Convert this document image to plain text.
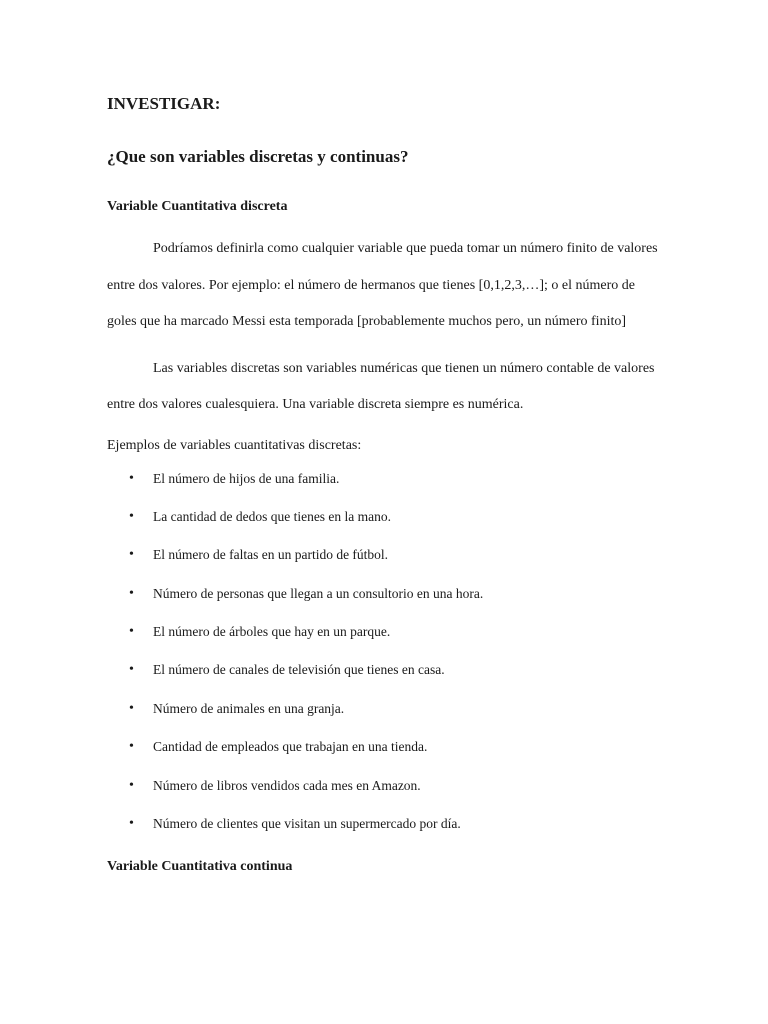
INVESTIGAR:
¿Que son variables discretas y continuas?
Variable Cuantitativa discreta
Podríamos definirla como cualquier variable que pueda tomar un número finito de valores entre dos valores. Por ejemplo: el número de hermanos que tienes [0,1,2,3,…]; o el número de goles que ha marcado Messi esta temporada [probablemente muchos pero, un número finito]
Las variables discretas son variables numéricas que tienen un número contable de valores entre dos valores cualesquiera. Una variable discreta siempre es numérica.
Ejemplos de variables cuantitativas discretas:
• El número de hijos de una familia.
• La cantidad de dedos que tienes en la mano.
• El número de faltas en un partido de fútbol.
• Número de personas que llegan a un consultorio en una hora.
• El número de árboles que hay en un parque.
• El número de canales de televisión que tienes en casa.
• Número de animales en una granja.
• Cantidad de empleados que trabajan en una tienda.
• Número de libros vendidos cada mes en Amazon.
• Número de clientes que visitan un supermercado por día.
Variable Cuantitativa continua
